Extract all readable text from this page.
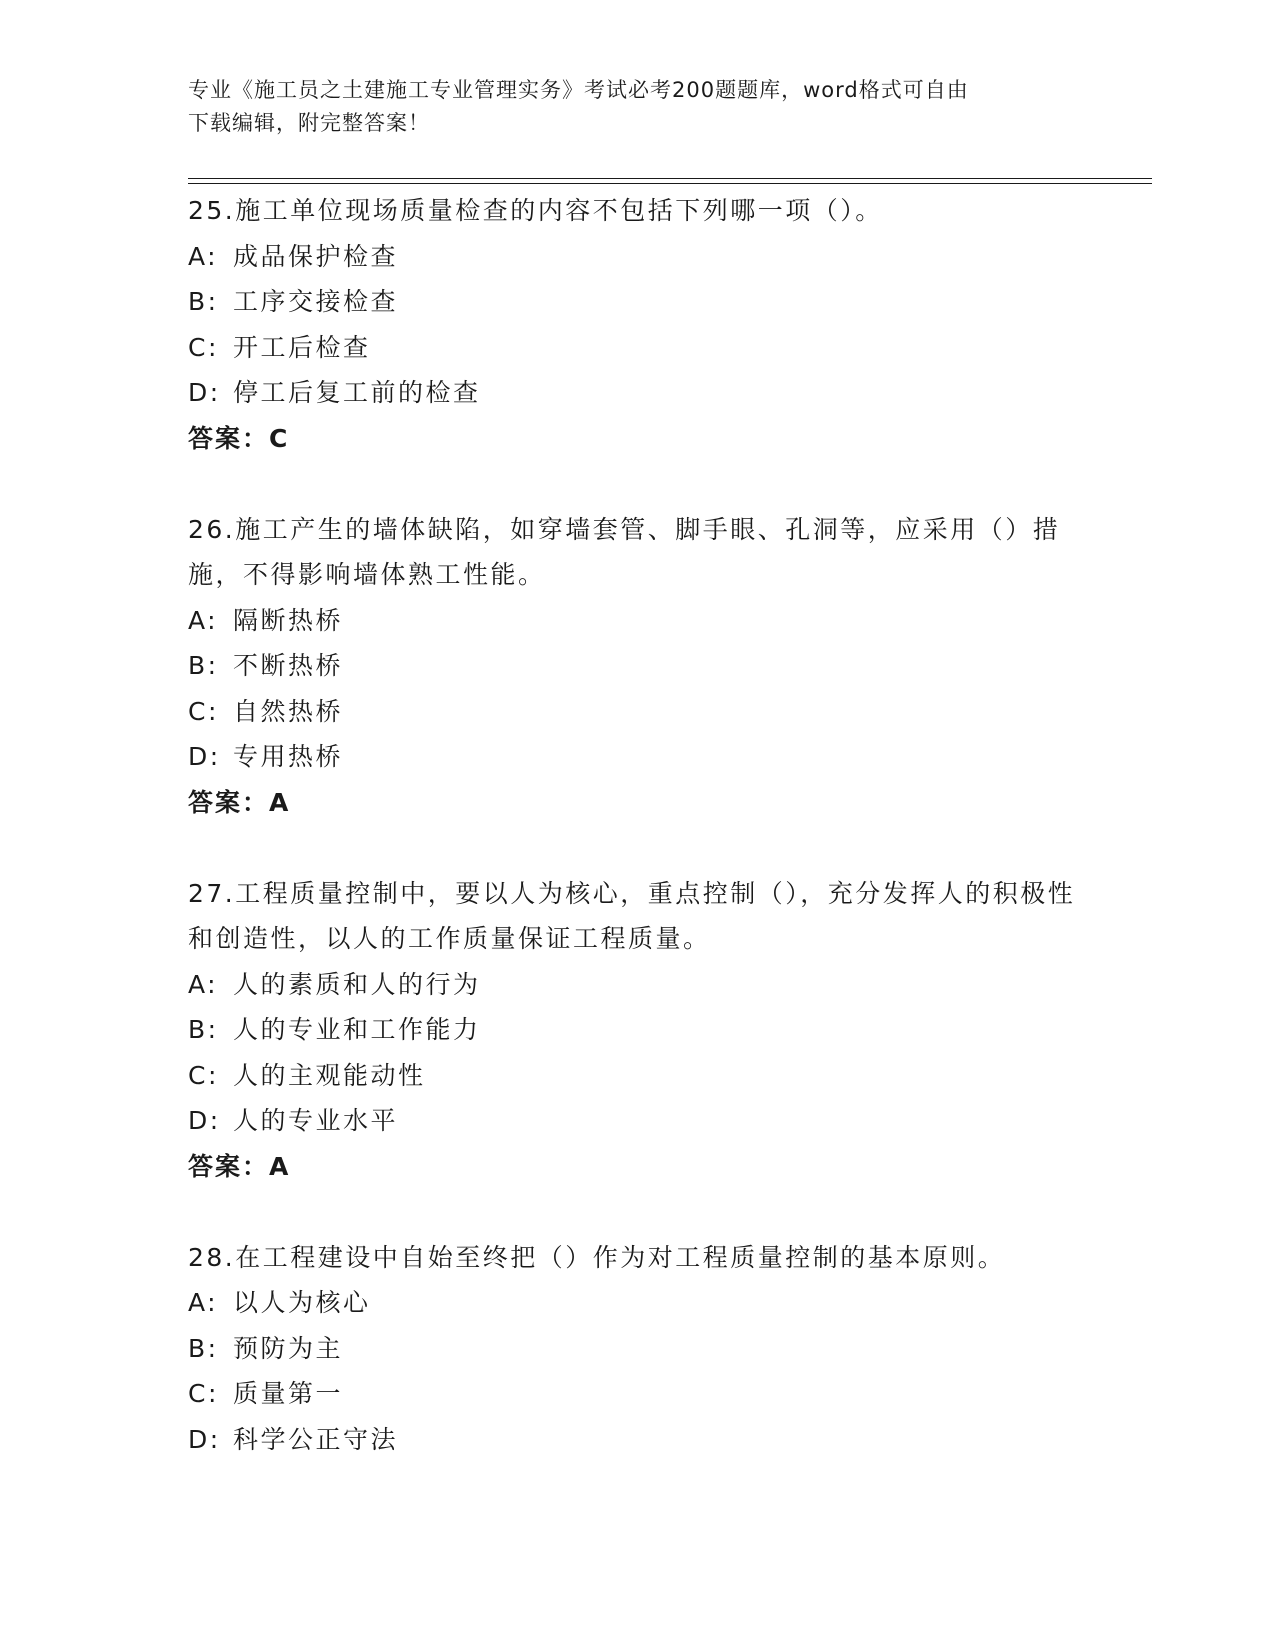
专业《施工员之土建施工专业管理实务》考试必考200题题库，word格式可自由
下载编辑，附完整答案！
25.施工单位现场质量检查的内容不包括下列哪一项（）。
A: 成品保护检查
B: 工序交接检查
C: 开工后检查
D: 停工后复工前的检查
答案：C
26.施工产生的墙体缺陷，如穿墙套管、脚手眼、孔洞等，应采用（）措施，不得影响墙体熟工性能。
A: 隔断热桥
B: 不断热桥
C: 自然热桥
D: 专用热桥
答案：A
27.工程质量控制中，要以人为核心，重点控制（），充分发挥人的积极性和创造性，以人的工作质量保证工程质量。
A: 人的素质和人的行为
B: 人的专业和工作能力
C: 人的主观能动性
D: 人的专业水平
答案：A
28.在工程建设中自始至终把（）作为对工程质量控制的基本原则。
A: 以人为核心
B: 预防为主
C: 质量第一
D: 科学公正守法
